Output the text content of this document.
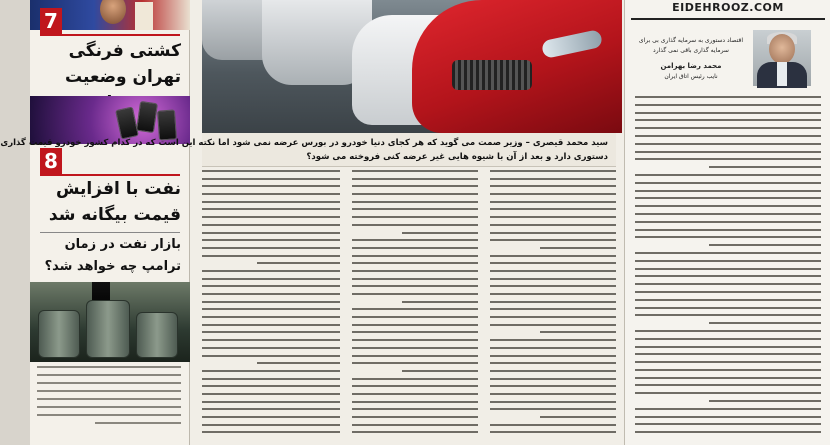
7
کشتی فرنگی تهران وضعیت
8
نفت با افزایش قیمت بیگانه شد
بازار نفت در زمان ترامپ چه خواهد شد؟

سید محمد قیصری – وزیر صمت می گوید که هر کجای دنیا خودرو در بورس عرضه نمی شود اما نکته این است که در کدام کشور خودرو قیمت گذاری

دستوری دارد و بعد از آن با شیوه هایی غیر عرضه کنی فروخته می شود؟

EIDEHROOZ.COM
اقتصاد دستوری به سرمایه گذاری بی برای سرمایه گذاری باقی نمی گذارد
محمد رضا بهرامن
نایب رئیس اتاق ایران
